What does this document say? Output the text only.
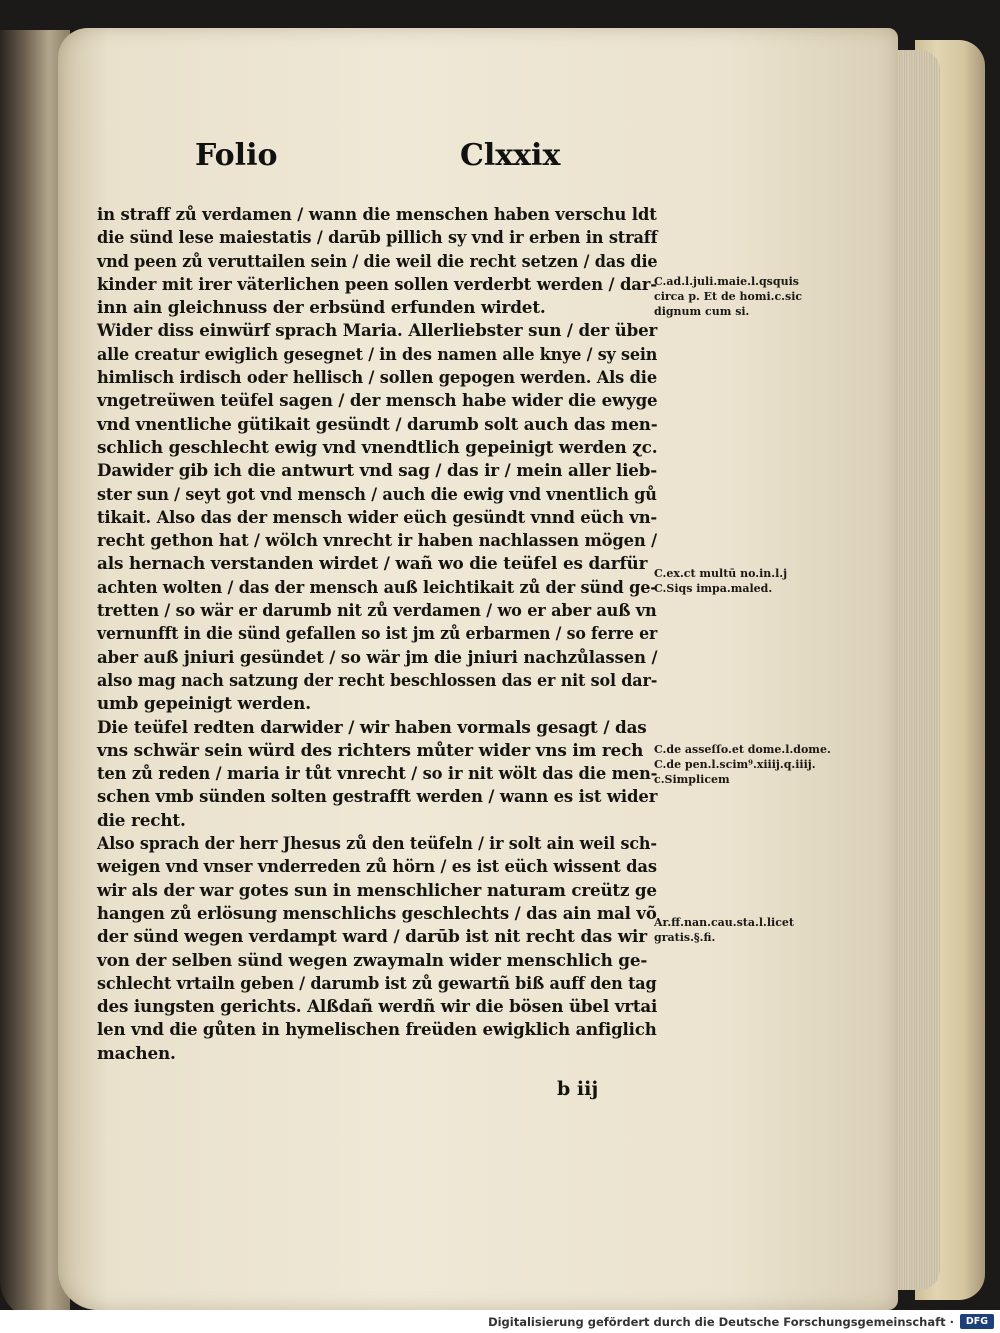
Folio	Clxxix
in straff zů verdamen / wann die menschen haben verschu ldt
die sünd lese maiestatis / darūb pillich sy vnd ir erben in straff
vnd peen zů veruttailen sein / die weil die recht setzen / das die
kinder mit irer väterlichen peen sollen verderbt werden / dar-
inn ain gleichnuss der erbsünd erfunden wirdet.
Wider diss einwürf sprach Maria. Allerliebster sun / der über
alle creatur ewiglich gesegnet / in des namen alle knye / sy sein
himlisch irdisch oder hellisch / sollen gepogen werden. Als die
vngetreüwen teüfel sagen / der mensch habe wider die ewyge
vnd vnentliche gütikait gesündt / darumb solt auch das men-
schlich geschlecht ewig vnd vnendtlich gepeinigt werden ɀc.
Dawider gib ich die antwurt vnd sag / das ir / mein aller lieb-
ster sun / seyt got vnd mensch / auch die ewig vnd vnentlich gů
tikait. Also das der mensch wider eüch gesündt vnnd eüch vn-
recht gethon hat / wölch vnrecht ir haben nachlassen mögen /
als hernach verstanden wirdet / wañ wo die teüfel es darfür
achten wolten / das der mensch auß leichtikait zů der sünd ge-
tretten / so wär er darumb nit zů verdamen / wo er aber auß vn
vernunfft in die sünd gefallen so ist jm zů erbarmen / so ferre er
aber auß jniuri gesündet / so wär jm die jniuri nachzůlassen /
also mag nach satzung der recht beschlossen das er nit sol dar-
umb gepeinigt werden.
Die teüfel redten darwider / wir haben vormals gesagt / das
vns schwär sein würd des richters můter wider vns im rech
ten zů reden / maria ir tůt vnrecht / so ir nit wölt das die men-
schen vmb sünden solten gestrafft werden / wann es ist wider
die recht.
Also sprach der herr Jhesus zů den teüfeln / ir solt ain weil sch-
weigen vnd vnser vnderreden zů hörn / es ist eüch wissent das
wir als der war gotes sun in menschlicher naturam creütz ge
hangen zů erlösung menschlichs geschlechts / das ain mal võ
der sünd wegen verdampt ward / darūb ist nit recht das wir
von der selben sünd wegen zwaymaln wider menschlich ge-
schlecht vrtailn geben / darumb ist zů gewartñ biß auff den tag
des iungsten gerichts. Alßdañ werdñ wir die bösen übel vrtai
len vnd die gůten in hymelischen freüden ewigklich anfiglich
machen.
C.ad.l.juli.maie.l.qsquis
circa p. Et de homi.c.sic
dignum cum si.
C.ex.ct multū no.in.l.j
C.Siqs impa.maled.
C.de asseſſo.et dome.l.dome.
C.de pen.l.scim⁹.xiiij.q.iiij.
c.Simplicem
Ar.ff.nan.cau.sta.l.licet
gratis.§.fi.
b iij
Digitalisierung gefördert durch die Deutsche Forschungsgemeinschaft ·	DFG
